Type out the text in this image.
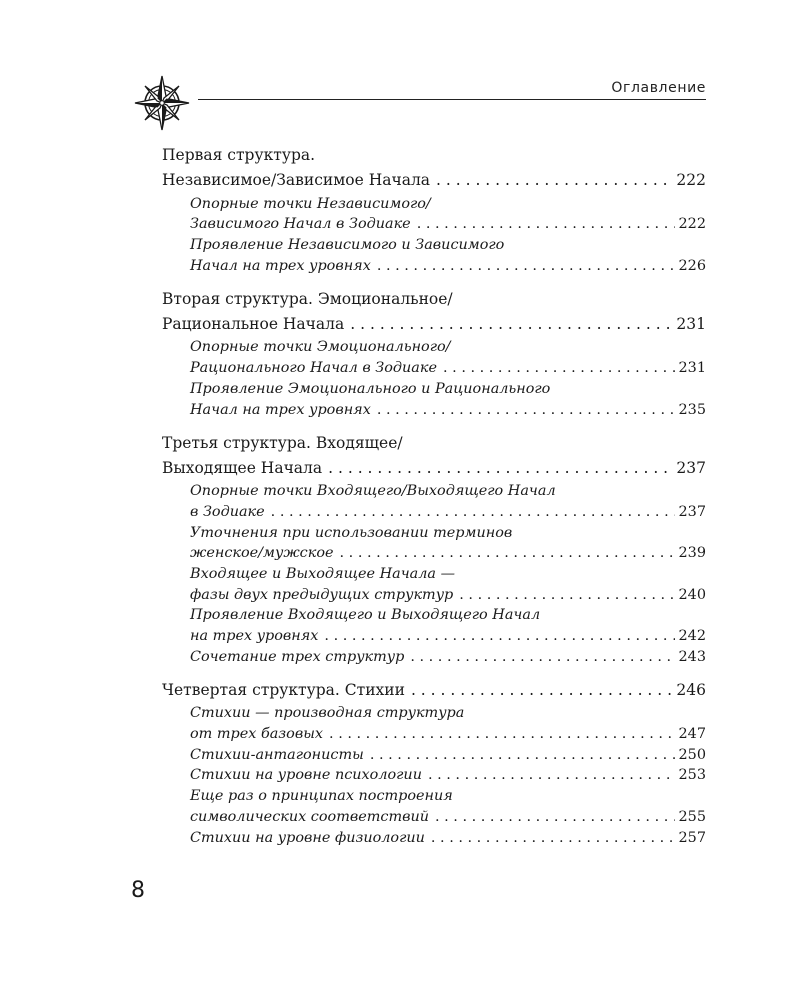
Оглавление
Первая структура.
Независимое/Зависимое Начала . . .	222
Опорные точки Независимого/
Зависимого Начал в Зодиаке . . .	222
Проявление Независимого и Зависимого
Начал на трех уровнях . . .	226
Вторая структура. Эмоциональное/
Рациональное Начала . . .	231
Опорные точки Эмоционального/
Рационального Начал в Зодиаке . . .	231
Проявление Эмоционального и Рационального
Начал на трех уровнях . . .	235
Третья структура. Входящее/
Выходящее Начала . . .	237
Опорные точки Входящего/Выходящего Начал
в Зодиаке . . .	237
Уточнения при использовании терминов
женское/мужское . . .	239
Входящее и Выходящее Начала —
фазы двух предыдущих структур . . .	240
Проявление Входящего и Выходящего Начал
на трех уровнях . . .	242
Сочетание трех структур . . .	243
Четвертая структура. Стихии . . .	246
Стихии — производная структура
от трех базовых . . .	247
Стихии-антагонисты . . .	250
Стихии на уровне психологии . . .	253
Еще раз о принципах построения
символических соответствий . . .	255
Стихии на уровне физиологии . . .	257
8
